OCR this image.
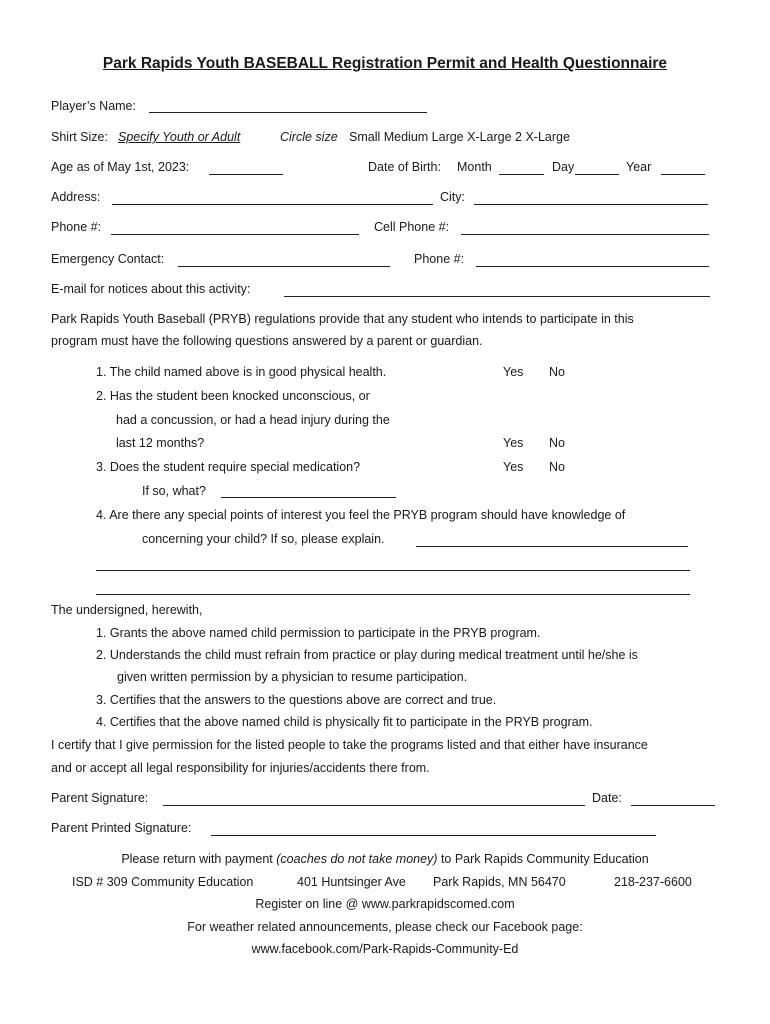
Park Rapids Youth BASEBALL Registration Permit and Health Questionnaire
Player’s Name:
Shirt Size: Specify Youth or Adult	Circle size Small Medium Large X-Large 2 X-Large
Age as of May 1st, 2023:	Date of Birth: Month	Day	Year
Address:	City:
Phone #:	Cell Phone #:
Emergency Contact:	Phone #:
E-mail for notices about this activity:
Park Rapids Youth Baseball (PRYB) regulations provide that any student who intends to participate in this
program must have the following questions answered by a parent or guardian.
1. The child named above is in good physical health.	Yes No
2. Has the student been knocked unconscious, or
had a concussion, or had a head injury during the
last 12 months?	Yes No
3. Does the student require special medication?	Yes No
If so, what?
4. Are there any special points of interest you feel the PRYB program should have knowledge of
concerning your child? If so, please explain.
The undersigned, herewith,
1. Grants the above named child permission to participate in the PRYB program.
2. Understands the child must refrain from practice or play during medical treatment until he/she is
given written permission by a physician to resume participation.
3. Certifies that the answers to the questions above are correct and true.
4. Certifies that the above named child is physically fit to participate in the PRYB program.
I certify that I give permission for the listed people to take the programs listed and that either have insurance
and or accept all legal responsibility for injuries/accidents there from.
Parent Signature:	Date:
Parent Printed Signature:
Please return with payment (coaches do not take money) to Park Rapids Community Education
ISD # 309 Community Education	401 Huntsinger Ave Park Rapids, MN 56470	218-237-6600
Register on line @ www.parkrapidscomed.com
For weather related announcements, please check our Facebook page:
www.facebook.com/Park-Rapids-Community-Ed
